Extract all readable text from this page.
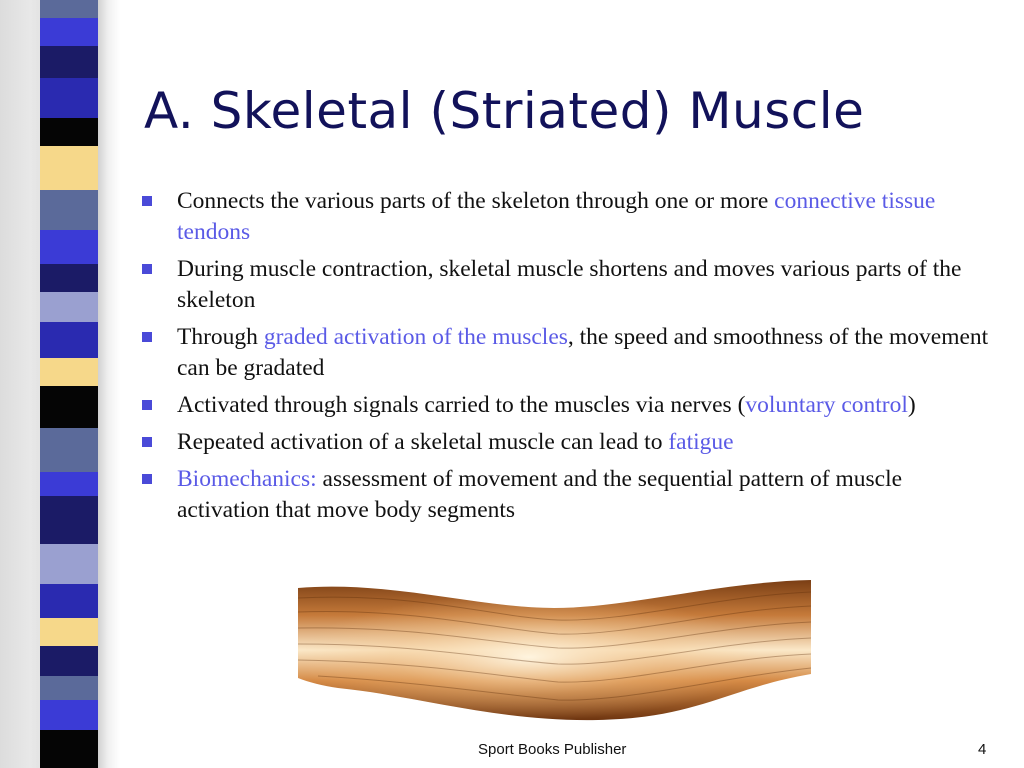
A. Skeletal (Striated) Muscle
Connects the various parts of the skeleton through one or more connective tissue tendons
During muscle contraction, skeletal muscle shortens and moves various parts of the skeleton
Through graded activation of the muscles, the speed and smoothness of the movement can be gradated
Activated through signals carried to the muscles via nerves (voluntary control)
Repeated activation of a skeletal muscle can lead to fatigue
Biomechanics: assessment of movement and the sequential pattern of muscle activation that move body segments
Sport Books Publisher	4
